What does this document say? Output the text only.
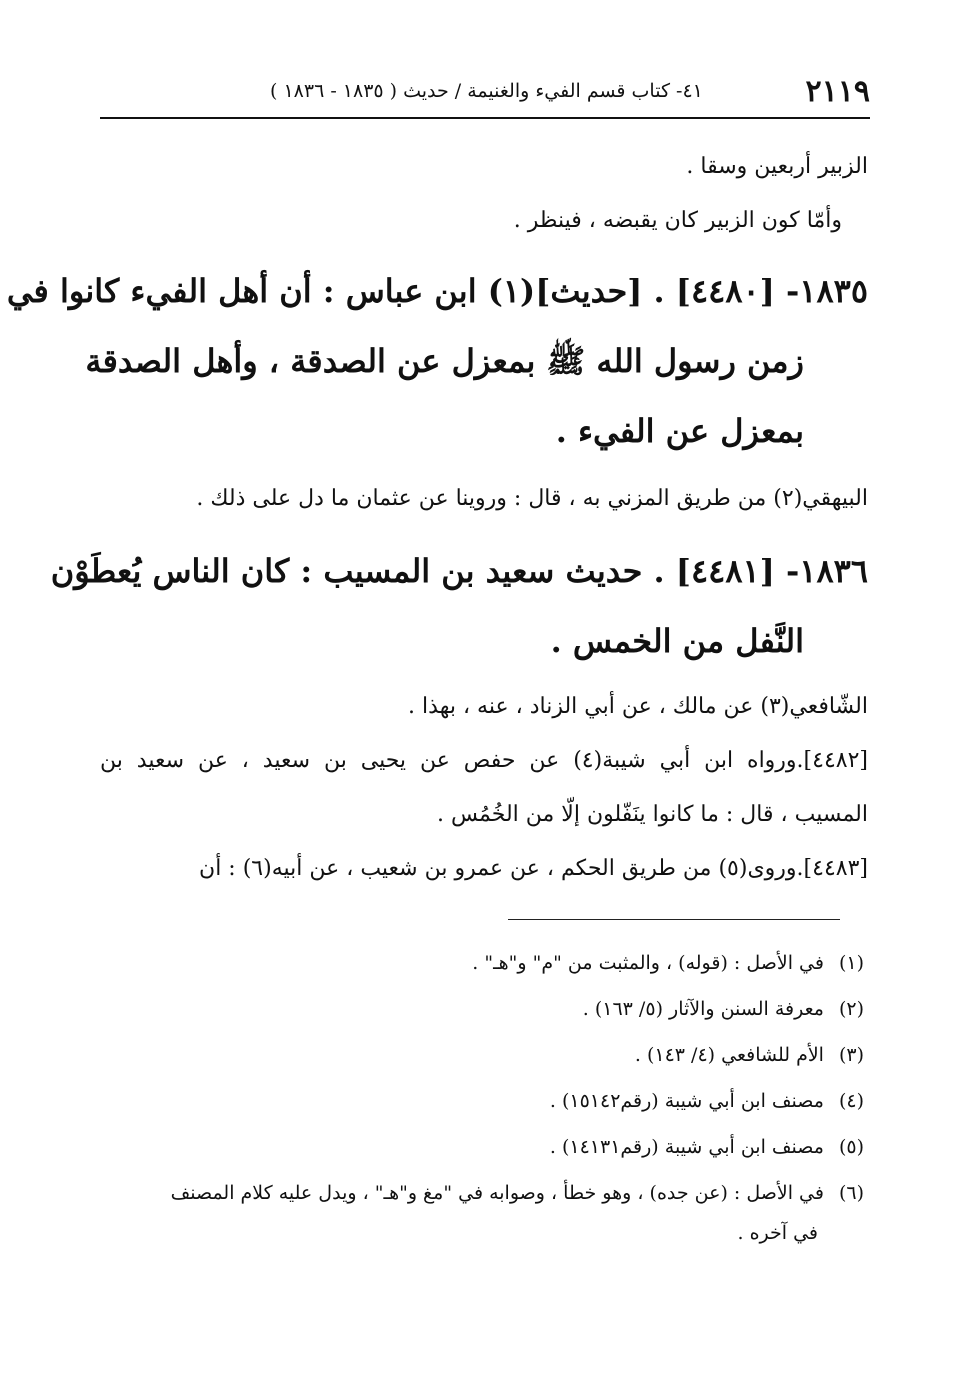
٢١١٩
٤١- كتاب قسم الفيء والغنيمة / حديث ( ١٨٣٥ - ١٨٣٦ )
الزبير أربعين وسقا .
وأمّا كون الزبير كان يقبضه ، فينظر .
١٨٣٥- [٤٤٨٠] . [حديث](١) ابن عباس : أن أهل الفيء كانوا في
زمن رسول الله ﷺ بمعزل عن الصدقة ، وأهل الصدقة
بمعزل عن الفيء .
البيهقي(٢) من طريق المزني به ، قال : وروينا عن عثمان ما دل على ذلك .
١٨٣٦- [٤٤٨١] . حديث سعيد بن المسيب : كان الناس يُعطَوْن
النَّفل من الخمس .
الشّافعي(٣) عن مالك ، عن أبي الزناد ، عنه ، بهذا .
[٤٤٨٢].ورواه ابن أبي شيبة(٤) عن حفص عن يحيى بن سعيد ، عن سعيد بن
المسيب ، قال : ما كانوا ينَفّلون إلّا من الخُمُس .
[٤٤٨٣].وروى(٥) من طريق الحكم ، عن عمرو بن شعيب ، عن أبيه(٦) : أن
(١) في الأصل : (قوله) ، والمثبت من "م" و"هـ" .
(٢) معرفة السنن والآثار (٥/ ١٦٣) .
(٣) الأم للشافعي (٤/ ١٤٣) .
(٤) مصنف ابن أبي شيبة (رقم١٥١٤٢) .
(٥) مصنف ابن أبي شيبة (رقم١٤١٣١) .
(٦) في الأصل : (عن جده) ، وهو خطأ ، وصوابه في "مغ و"هـ" ، ويدل عليه كلام المصنف
في آخره .
